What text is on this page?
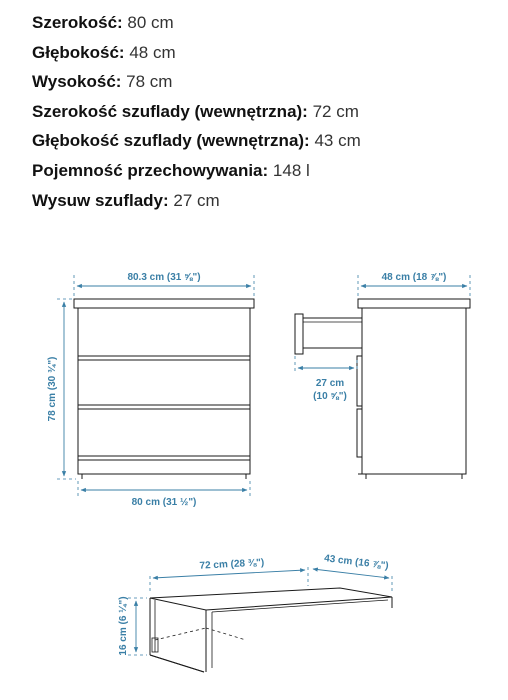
Szerokość: 80 cm
Głębokość: 48 cm
Wysokość: 78 cm
Szerokość szuflady (wewnętrzna): 72 cm
Głębokość szuflady (wewnętrzna): 43 cm
Pojemność przechowywania: 148 l
Wysuw szuflady: 27 cm
80.3 cm (31 ⅝")
78 cm (30 ¾")
80 cm (31 ½")
48 cm (18 ⅞")
27 cm
(10 ⅝")
72 cm (28 ⅜")	43 cm (16 ⅞")
16 cm (6 ¼")
